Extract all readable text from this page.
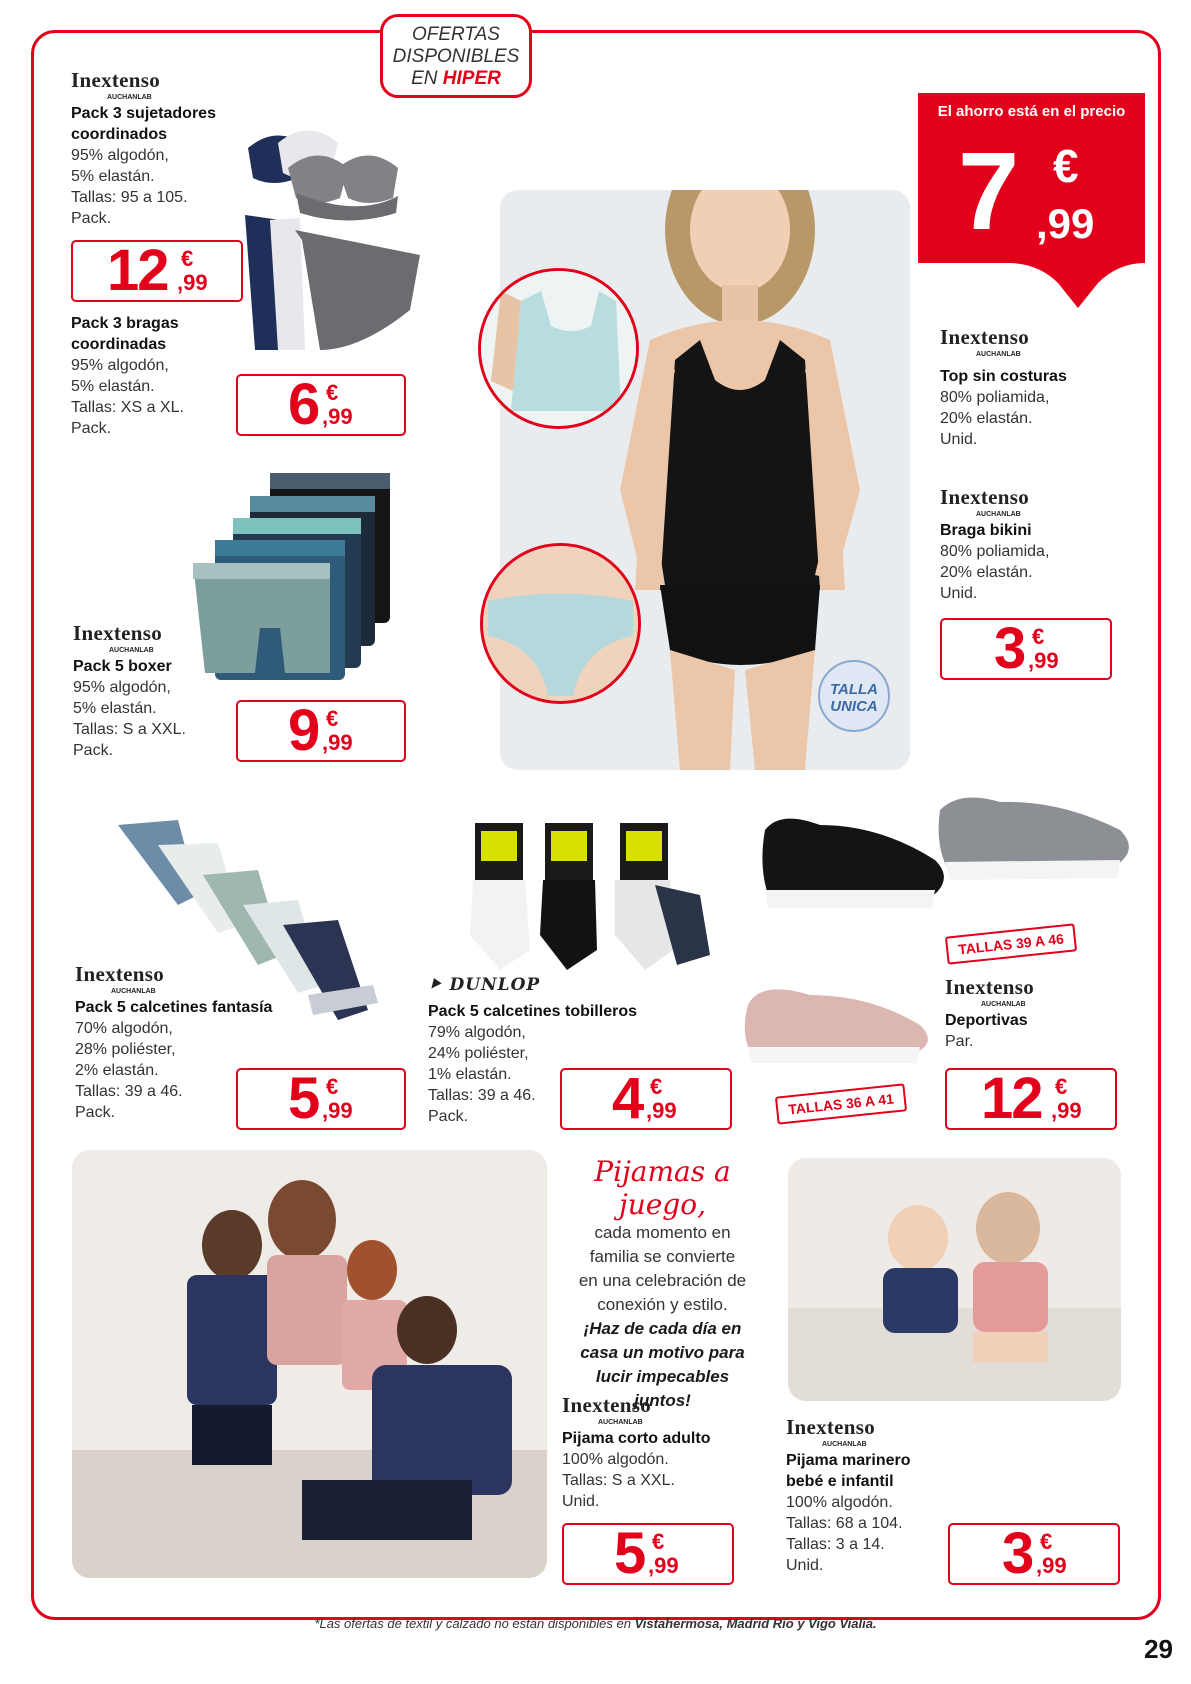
OFERTAS
DISPONIBLES
EN HIPER
Inextenso
AUCHANLAB
Pack 3 sujetadores coordinados
95% algodón,
5% elastán.
Tallas: 95 a 105.
Pack.
12 €
,99
Pack 3 bragas coordinadas
95% algodón,
5% elastán.
Tallas: XS a XL.
Pack.	6 €
,99
Inextenso
AUCHANLAB
Pack 5 boxer
95% algodón,
5% elastán.
Tallas: S a XXL.
Pack.	9 €
,99
TALLA
UNICA
El ahorro está en el precio
7 €
,99
Inextenso
AUCHANLAB
Top sin costuras
80% poliamida,
20% elastán.
Unid.
Inextenso
AUCHANLAB
Braga bikini
80% poliamida,
20% elastán.
Unid.
3 €
,99
Inextenso
AUCHANLAB
Pack 5 calcetines fantasía
70% algodón,
28% poliéster,
2% elastán.
Tallas: 39 a 46.
Pack.	5 €
,99
⯈ DUNLOP
Pack 5 calcetines tobilleros
79% algodón,
24% poliéster,
1% elastán.
Tallas: 39 a 46.
Pack.	4 €
,99
TALLAS 39 A 46
TALLAS 36 A 41
Inextenso
AUCHANLAB
Deportivas
Par.
12 €
,99
Pijamas a juego,
cada momento en
familia se convierte
en una celebración de
conexión y estilo.
¡Haz de cada día en
casa un motivo para
lucir impecables
juntos!
Inextenso
AUCHANLAB
Pijama corto adulto
100% algodón.
Tallas: S a XXL.
Unid.
5 €
,99
Inextenso
AUCHANLAB
Pijama marinero
bebé e infantil
100% algodón.
Tallas: 68 a 104.
Tallas: 3 a 14.
Unid.	3 €
,99
*Las ofertas de textil y calzado no están disponibles en Vistahermosa, Madrid Río y Vigo Vialia.
29
